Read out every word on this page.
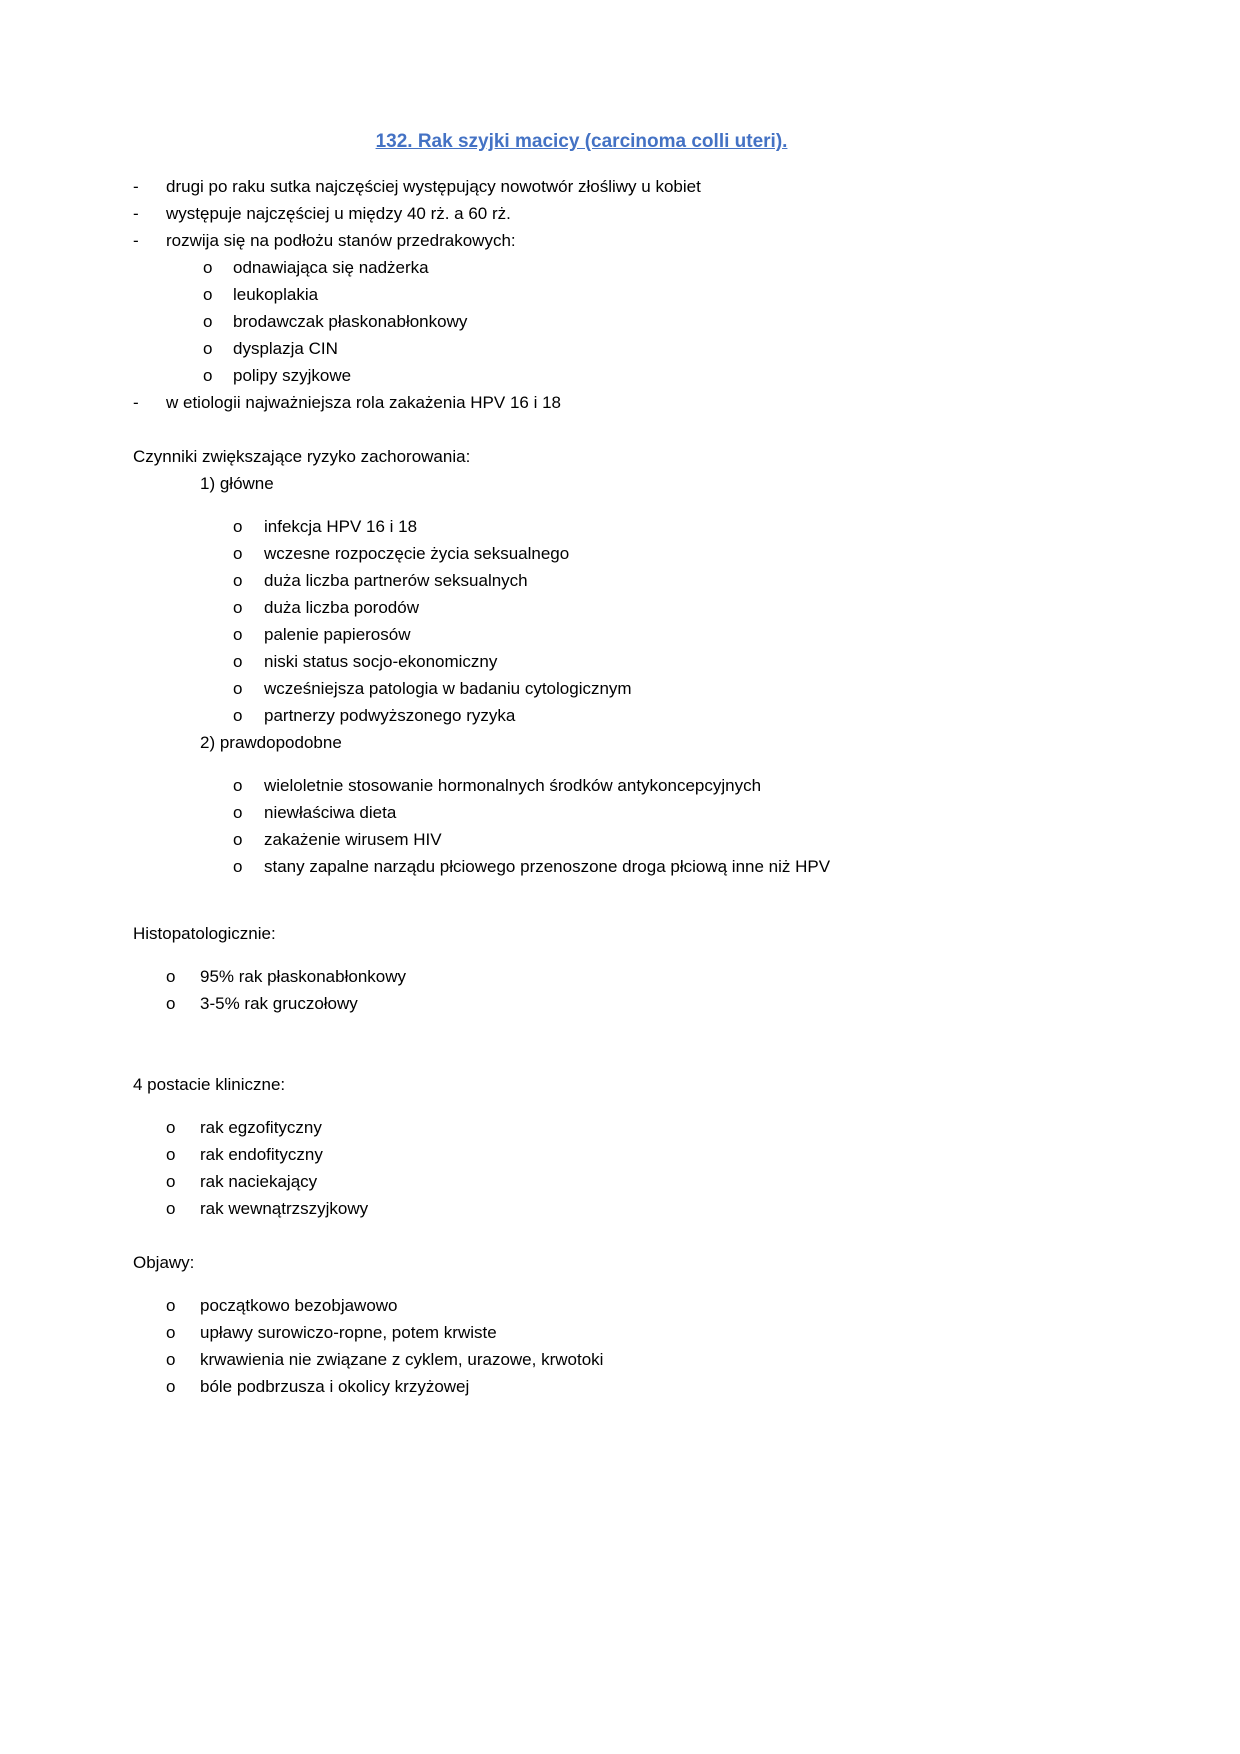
132. Rak szyjki macicy (carcinoma colli uteri).
-	drugi po raku sutka najczęściej występujący nowotwór złośliwy u kobiet
-	występuje najczęściej u między 40 rż. a 60 rż.
-	rozwija się na podłożu stanów przedrakowych:
o	odnawiająca się nadżerka
o	leukoplakia
o	brodawczak płaskonabłonkowy
o	dysplazja CIN
o	polipy szyjkowe
-	w etiologii najważniejsza rola zakażenia HPV 16 i 18
Czynniki zwiększające ryzyko zachorowania:
1) główne
o	infekcja HPV 16 i 18
o	wczesne rozpoczęcie życia seksualnego
o	duża liczba partnerów seksualnych
o	duża liczba porodów
o	palenie papierosów
o	niski status socjo-ekonomiczny
o	wcześniejsza patologia w badaniu cytologicznym
o	partnerzy podwyższonego ryzyka
2) prawdopodobne
o	wieloletnie stosowanie hormonalnych środków antykoncepcyjnych
o	niewłaściwa dieta
o	zakażenie wirusem HIV
o	stany zapalne narządu płciowego przenoszone droga płciową inne niż HPV
Histopatologicznie:
o	95% rak płaskonabłonkowy
o	3-5% rak gruczołowy
4 postacie kliniczne:
o	rak egzofityczny
o	rak endofityczny
o	rak naciekający
o	rak wewnątrzszyjkowy
Objawy:
o	początkowo bezobjawowo
o	upławy surowiczo-ropne, potem krwiste
o	krwawienia nie związane z cyklem, urazowe, krwotoki
o	bóle podbrzusza i okolicy krzyżowej
